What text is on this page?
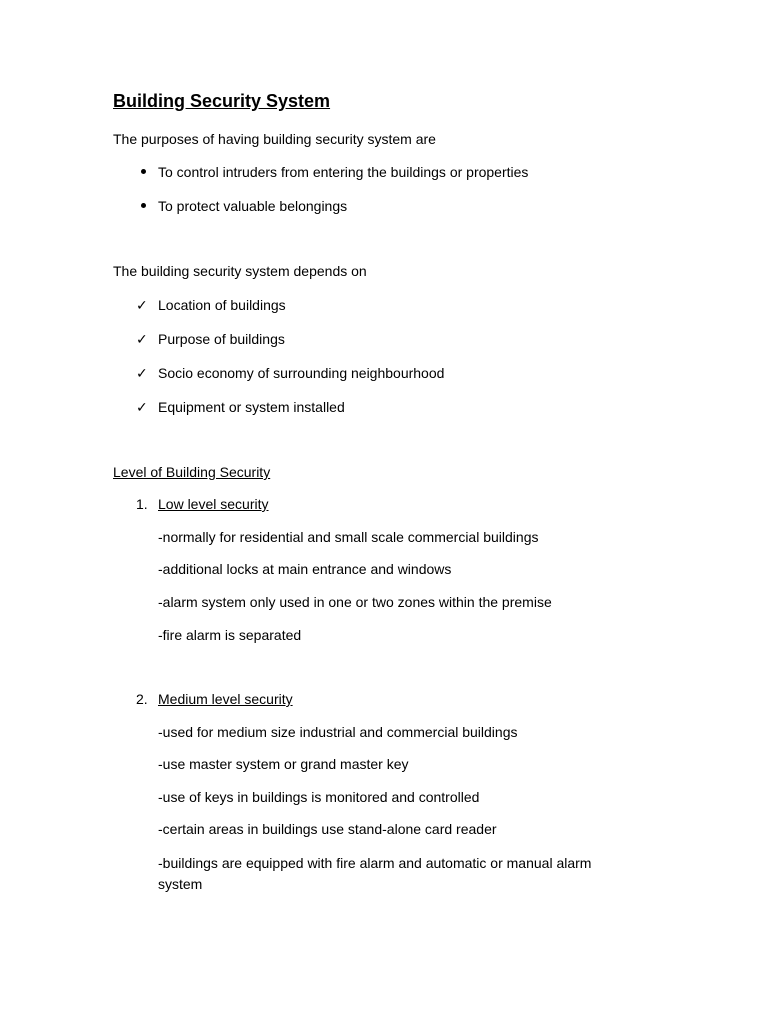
Building Security System
The purposes of having building security system are
To control intruders from entering the buildings or properties
To protect valuable belongings
The building security system depends on
✓ Location of buildings
✓ Purpose of buildings
✓ Socio economy of surrounding neighbourhood
✓ Equipment or system installed
Level of Building Security
1. Low level security
-normally for residential and small scale commercial buildings
-additional locks at main entrance and windows
-alarm system only used in one or two zones within the premise
-fire alarm is separated
2. Medium level security
-used for medium size industrial and commercial buildings
-use master system or grand master key
-use of keys in buildings is monitored and controlled
-certain areas in buildings use stand-alone card reader
-buildings are equipped with fire alarm and automatic or manual alarm system
